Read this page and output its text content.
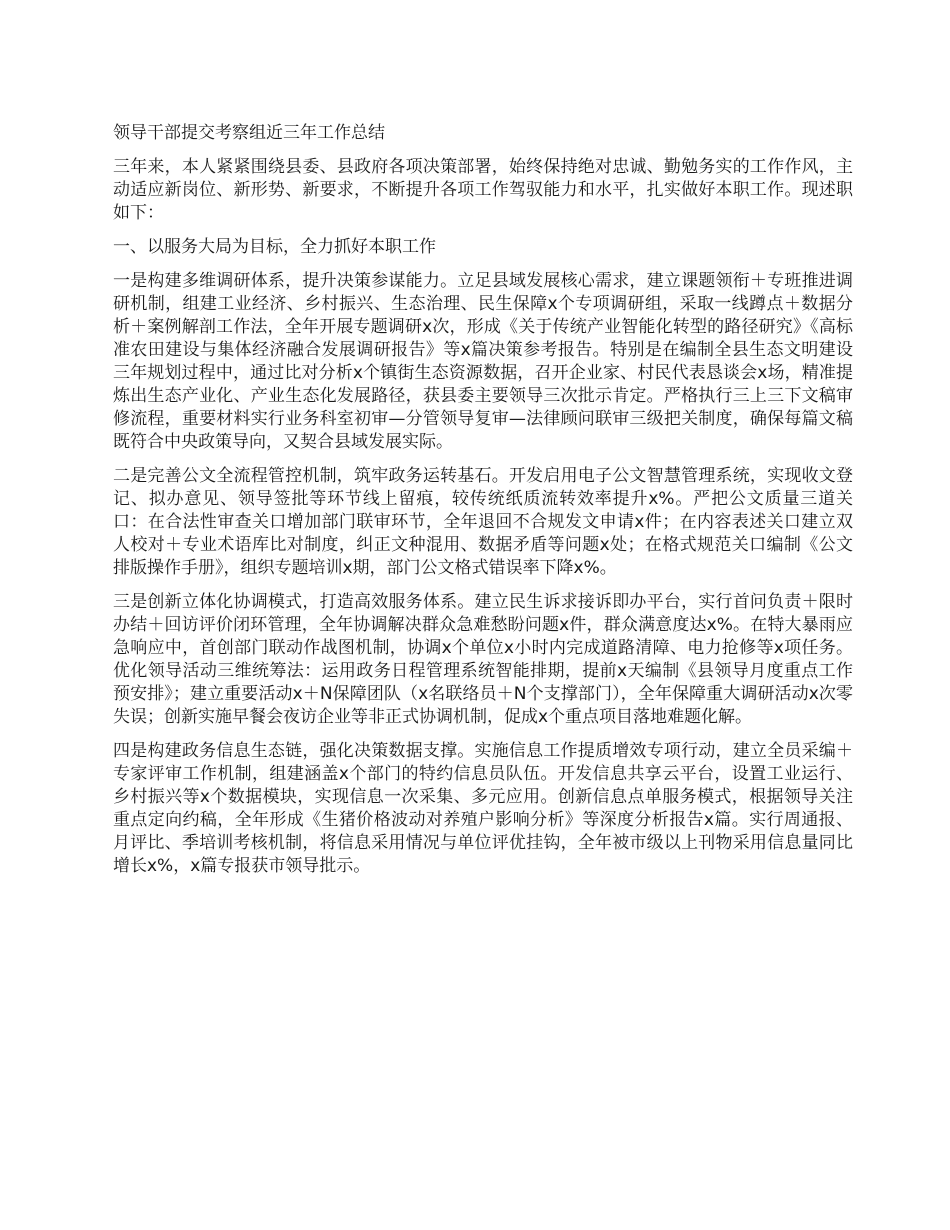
领导干部提交考察组近三年工作总结
三年来，本人紧紧围绕县委、县政府各项决策部署，始终保持绝对忠诚、勤勉务实的工作作风，主动适应新岗位、新形势、新要求，不断提升各项工作驾驭能力和水平，扎实做好本职工作。现述职如下：
一、以服务大局为目标，全力抓好本职工作
一是构建多维调研体系，提升决策参谋能力。立足县域发展核心需求，建立课题领衔＋专班推进调研机制，组建工业经济、乡村振兴、生态治理、民生保障x个专项调研组，采取一线蹲点＋数据分析＋案例解剖工作法，全年开展专题调研x次，形成《关于传统产业智能化转型的路径研究》《高标准农田建设与集体经济融合发展调研报告》等x篇决策参考报告。特别是在编制全县生态文明建设三年规划过程中，通过比对分析x个镇街生态资源数据，召开企业家、村民代表恳谈会x场，精准提炼出生态产业化、产业生态化发展路径，获县委主要领导三次批示肯定。严格执行三上三下文稿审修流程，重要材料实行业务科室初审—分管领导复审—法律顾问联审三级把关制度，确保每篇文稿既符合中央政策导向，又契合县域发展实际。
二是完善公文全流程管控机制，筑牢政务运转基石。开发启用电子公文智慧管理系统，实现收文登记、拟办意见、领导签批等环节线上留痕，较传统纸质流转效率提升x%。严把公文质量三道关口：在合法性审查关口增加部门联审环节，全年退回不合规发文申请x件；在内容表述关口建立双人校对＋专业术语库比对制度，纠正文种混用、数据矛盾等问题x处；在格式规范关口编制《公文排版操作手册》，组织专题培训x期，部门公文格式错误率下降x%。
三是创新立体化协调模式，打造高效服务体系。建立民生诉求接诉即办平台，实行首问负责＋限时办结＋回访评价闭环管理，全年协调解决群众急难愁盼问题x件，群众满意度达x%。在特大暴雨应急响应中，首创部门联动作战图机制，协调x个单位x小时内完成道路清障、电力抢修等x项任务。优化领导活动三维统筹法：运用政务日程管理系统智能排期，提前x天编制《县领导月度重点工作预安排》；建立重要活动x＋N保障团队（x名联络员＋N个支撑部门），全年保障重大调研活动x次零失误；创新实施早餐会夜访企业等非正式协调机制，促成x个重点项目落地难题化解。
四是构建政务信息生态链，强化决策数据支撑。实施信息工作提质增效专项行动，建立全员采编＋专家评审工作机制，组建涵盖x个部门的特约信息员队伍。开发信息共享云平台，设置工业运行、乡村振兴等x个数据模块，实现信息一次采集、多元应用。创新信息点单服务模式，根据领导关注重点定向约稿，全年形成《生猪价格波动对养殖户影响分析》等深度分析报告x篇。实行周通报、月评比、季培训考核机制，将信息采用情况与单位评优挂钩，全年被市级以上刊物采用信息量同比增长x%，x篇专报获市领导批示。
